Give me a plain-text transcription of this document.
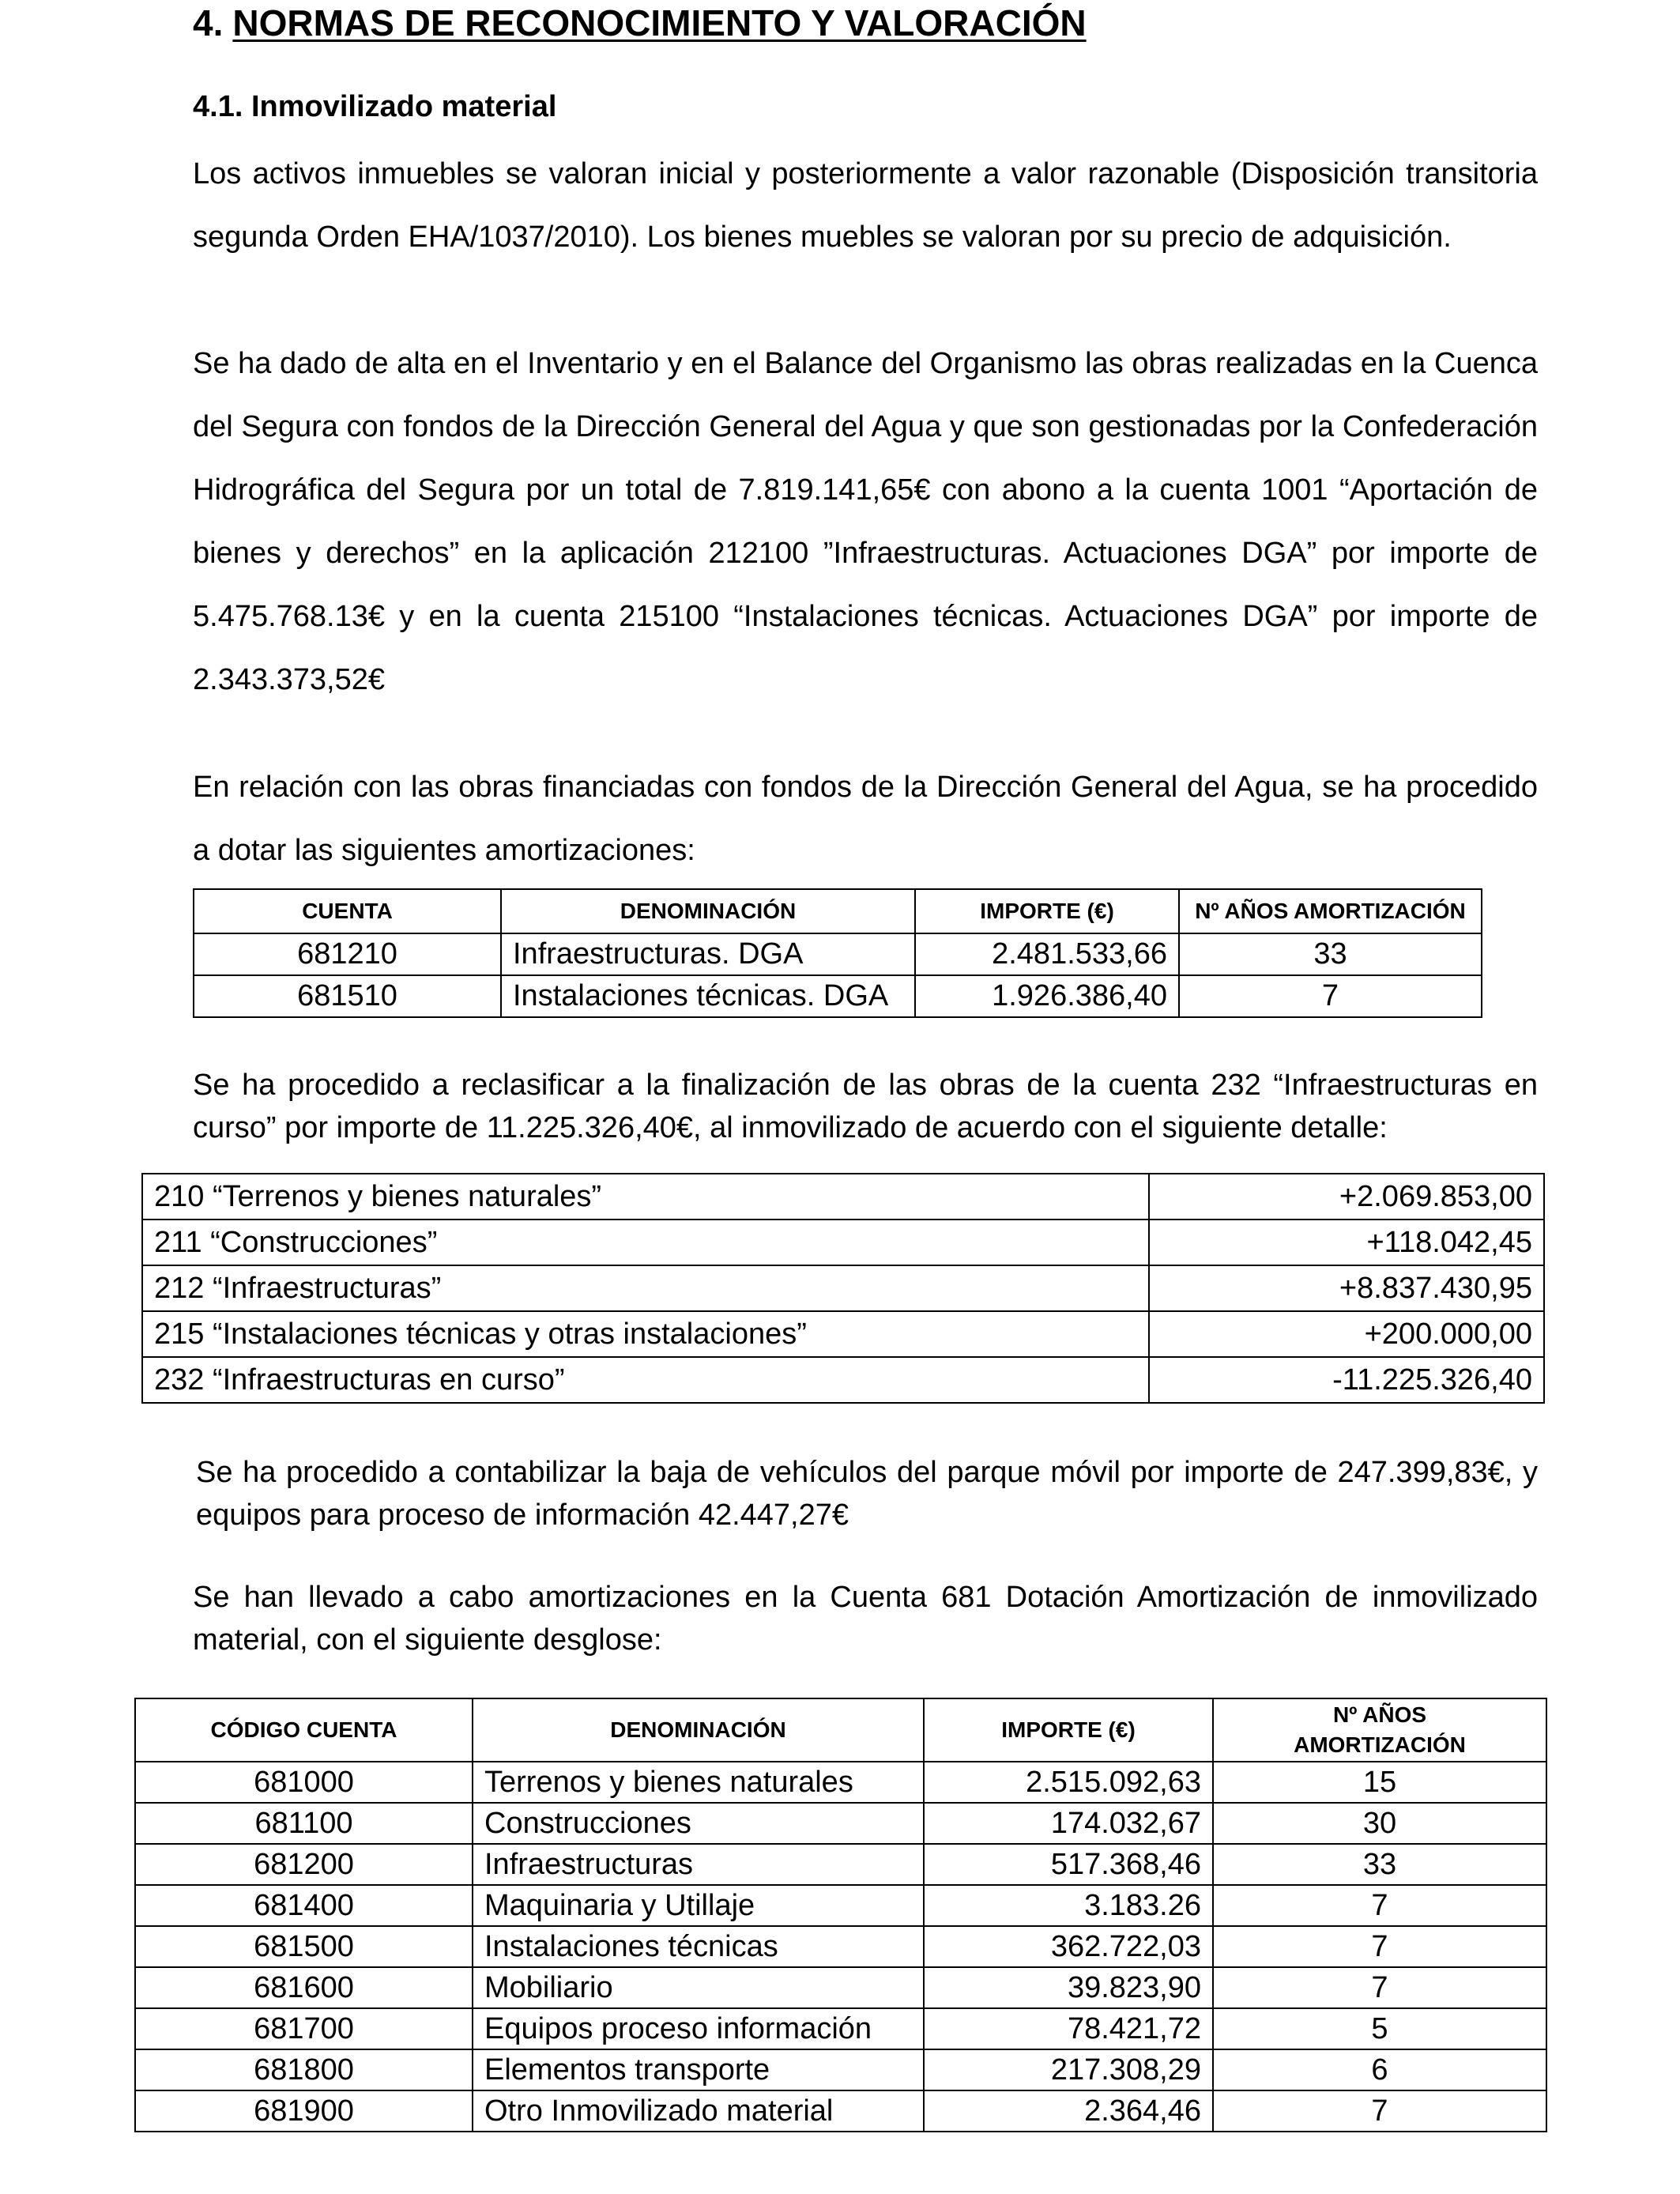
4. NORMAS DE RECONOCIMIENTO Y VALORACIÓN
4.1. Inmovilizado material

Los activos inmuebles se valoran inicial y posteriormente a valor razonable (Disposición transitoria segunda Orden EHA/1037/2010). Los bienes muebles se valoran por su precio de adquisición.

Se ha dado de alta en el Inventario y en el Balance del Organismo las obras realizadas en la Cuenca del Segura con fondos de la Dirección General del Agua y que son gestionadas por la Confederación Hidrográfica del Segura por un total de 7.819.141,65€ con abono a la cuenta 1001 “Aportación de bienes y derechos” en la aplicación 212100 ”Infraestructuras. Actuaciones DGA” por importe de 5.475.768.13€ y en la cuenta 215100 “Instalaciones técnicas. Actuaciones DGA” por importe de 2.343.373,52€

En relación con las obras financiadas con fondos de la Dirección General del Agua, se ha procedido a dotar las siguientes amortizaciones:

CUENTA	DENOMINACIÓN	IMPORTE (€)	Nº AÑOS AMORTIZACIÓN
681210	Infraestructuras. DGA	2.481.533,66	33
681510	Instalaciones técnicas. DGA	1.926.386,40	7

Se ha procedido a reclasificar a la finalización de las obras de la cuenta 232 “Infraestructuras en curso” por importe de 11.225.326,40€, al inmovilizado de acuerdo con el siguiente detalle:

210 “Terrenos y bienes naturales”	+2.069.853,00
211 “Construcciones”	+118.042,45
212 “Infraestructuras”	+8.837.430,95
215 “Instalaciones técnicas y otras instalaciones”	+200.000,00
232 “Infraestructuras en curso”	-11.225.326,40

Se ha procedido a contabilizar la baja de vehículos del parque móvil por importe de 247.399,83€, y equipos para proceso de información 42.447,27€

Se han llevado a cabo amortizaciones en la Cuenta 681 Dotación Amortización de inmovilizado material, con el siguiente desglose:

CÓDIGO CUENTA	DENOMINACIÓN	IMPORTE (€)	Nº AÑOS AMORTIZACIÓN
681000	Terrenos y bienes naturales	2.515.092,63	15
681100	Construcciones	174.032,67	30
681200	Infraestructuras	517.368,46	33
681400	Maquinaria y Utillaje	3.183.26	7
681500	Instalaciones técnicas	362.722,03	7
681600	Mobiliario	39.823,90	7
681700	Equipos proceso información	78.421,72	5
681800	Elementos transporte	217.308,29	6
681900	Otro Inmovilizado material	2.364,46	7
